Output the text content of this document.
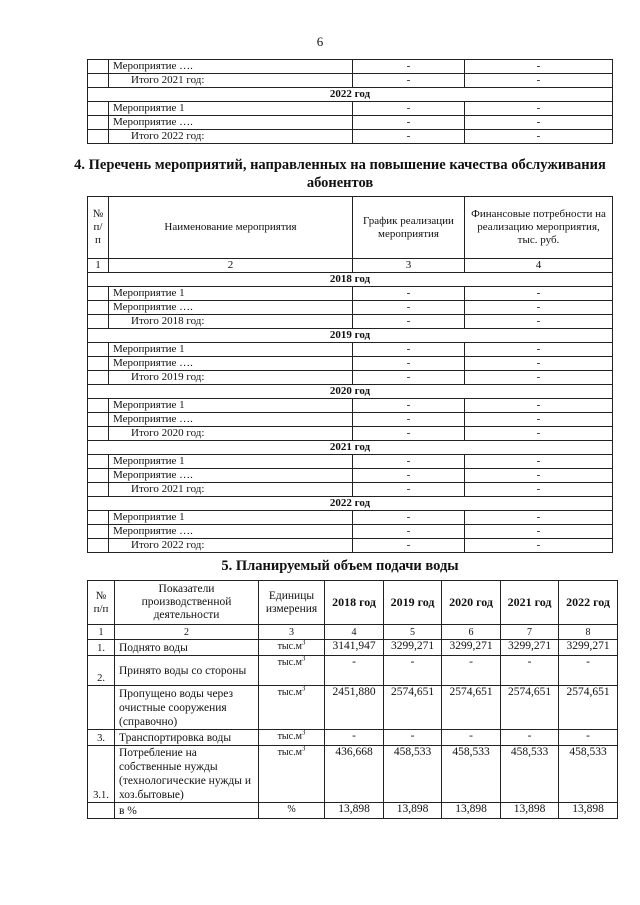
6
	Мероприятие ….	-	-
	Итого 2021 год:	-	-
2022 год			
	Мероприятие 1	-	-
	Мероприятие ….	-	-
	Итого 2022 год:	-	-
4. Перечень мероприятий, направленных на повышение качества обслуживания абонентов
№ п/п	Наименование мероприятия	График реализации мероприятия	Финансовые потребности на реализацию мероприятия, тыс. руб.
1	2	3	4
2018 год			
	Мероприятие 1	-	-
	Мероприятие ….	-	-
	Итого 2018 год:	-	-
2019 год			
	Мероприятие 1	-	-
	Мероприятие ….	-	-
	Итого 2019 год:	-	-
2020 год			
	Мероприятие 1	-	-
	Мероприятие ….	-	-
	Итого 2020 год:	-	-
2021 год			
	Мероприятие 1	-	-
	Мероприятие ….	-	-
	Итого 2021 год:	-	-
2022 год			
	Мероприятие 1	-	-
	Мероприятие ….	-	-
	Итого 2022 год:	-	-
5. Планируемый объем подачи воды
№ п/п	Показатели производственной деятельности	Единицы измерения	2018 год	2019 год	2020 год	2021 год	2022 год
1	2	3	4	5	6	7	8
1.	Поднято воды	$тыс.м^3$	3141,947	3299,271	3299,271	3299,271	3299,271
2.	Принято воды со стороны	$тыс.м^3$	-	-	-	-	-
	Пропущено воды через очистные сооружения (справочно)	$тыс.м^3$	2451,880	2574,651	2574,651	2574,651	2574,651
3.	Транспортировка воды	$тыс.м^3$	-	-	-	-	-
3.1.	Потребление на собственные нужды (технологические нужды и хоз.бытовые)	$тыс.м^3$	436,668	458,533	458,533	458,533	458,533
	в %	%	13,898	13,898	13,898	13,898	13,898
